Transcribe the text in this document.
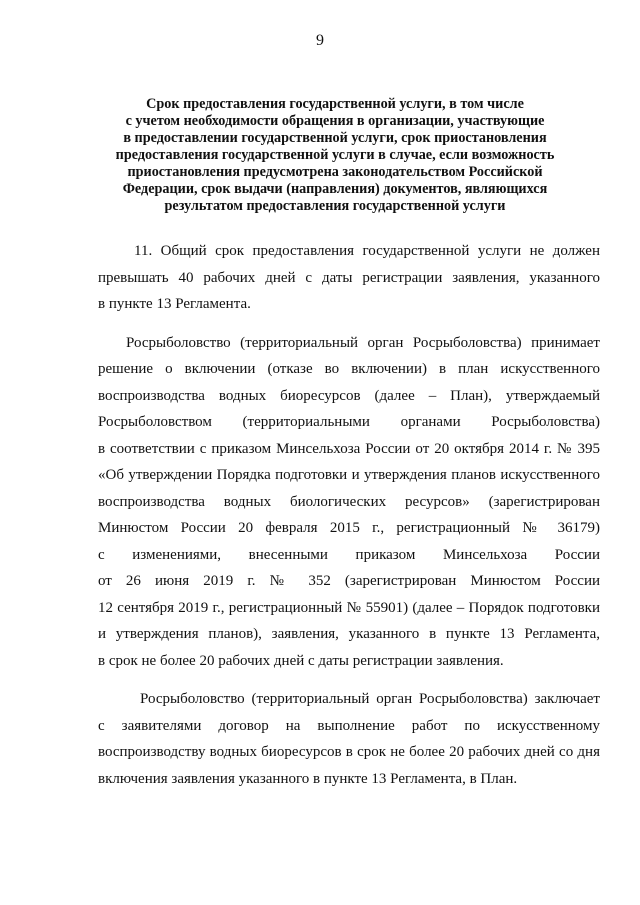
9
Срок предоставления государственной услуги, в том числе
с учетом необходимости обращения в организации, участвующие
в предоставлении государственной услуги, срок приостановления
предоставления государственной услуги в случае, если возможность
приостановления предусмотрена законодательством Российской
Федерации, срок выдачи (направления) документов, являющихся
результатом предоставления государственной услуги
11. Общий срок предоставления государственной услуги не должен
превышать 40 рабочих дней с даты регистрации заявления, указанного
в пункте 13 Регламента.
Росрыболовство (территориальный орган Росрыболовства) принимает
решение о включении (отказе во включении) в план искусственного
воспроизводства водных биоресурсов (далее – План), утверждаемый
Росрыболовством (территориальными органами Росрыболовства)
в соответствии с приказом Минсельхоза России от 20 октября 2014 г. № 395
«Об утверждении Порядка подготовки и утверждения планов искусственного
воспроизводства водных биологических ресурсов» (зарегистрирован
Минюстом России 20 февраля 2015 г., регистрационный № 36179)
с изменениями, внесенными приказом Минсельхоза России
от 26 июня 2019 г. № 352 (зарегистрирован Минюстом России
12 сентября 2019 г., регистрационный № 55901) (далее – Порядок подготовки
и утверждения планов), заявления, указанного в пункте 13 Регламента,
в срок не более 20 рабочих дней с даты регистрации заявления.
Росрыболовство (территориальный орган Росрыболовства) заключает
с заявителями договор на выполнение работ по искусственному
воспроизводству водных биоресурсов в срок не более 20 рабочих дней со дня
включения заявления указанного в пункте 13 Регламента, в План.
